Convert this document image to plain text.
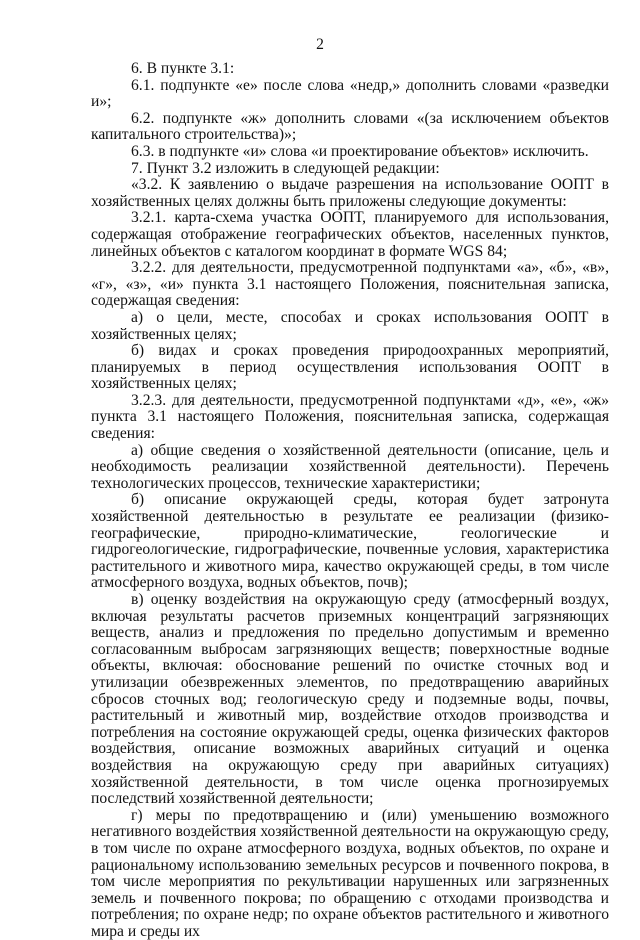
2

6. В пункте 3.1:

6.1. подпункте «е» после слова «недр,» дополнить словами «разведки и»;

6.2. подпункте «ж» дополнить словами «(за исключением объектов капитального строительства)»;

6.3. в подпункте «и» слова «и проектирование объектов» исключить.

7. Пункт 3.2 изложить в следующей редакции:

«3.2. К заявлению о выдаче разрешения на использование ООПТ в хозяйственных целях должны быть приложены следующие документы:

3.2.1. карта-схема участка ООПТ, планируемого для использования, содержащая отображение географических объектов, населенных пунктов, линейных объектов с каталогом координат в формате WGS 84;

3.2.2. для деятельности, предусмотренной подпунктами «а», «б», «в», «г», «з», «и» пункта 3.1 настоящего Положения, пояснительная записка, содержащая сведения:

а) о цели, месте, способах и сроках использования ООПТ в хозяйственных целях;

б) видах и сроках проведения природоохранных мероприятий, планируемых в период осуществления использования ООПТ в хозяйственных целях;

3.2.3. для деятельности, предусмотренной подпунктами «д», «е», «ж» пункта 3.1 настоящего Положения, пояснительная записка, содержащая сведения:

а) общие сведения о хозяйственной деятельности (описание, цель и необходимость реализации хозяйственной деятельности). Перечень технологических процессов, технические характеристики;

б) описание окружающей среды, которая будет затронута хозяйственной деятельностью в результате ее реализации (физико-географические, природно-климатические, геологические и гидрогеологические, гидрографические, почвенные условия, характеристика растительного и животного мира, качество окружающей среды, в том числе атмосферного воздуха, водных объектов, почв);

в) оценку воздействия на окружающую среду (атмосферный воздух, включая результаты расчетов приземных концентраций загрязняющих веществ, анализ и предложения по предельно допустимым и временно согласованным выбросам загрязняющих веществ; поверхностные водные объекты, включая: обоснование решений по очистке сточных вод и утилизации обезвреженных элементов, по предотвращению аварийных сбросов сточных вод; геологическую среду и подземные воды, почвы, растительный и животный мир, воздействие отходов производства и потребления на состояние окружающей среды, оценка физических факторов воздействия, описание возможных аварийных ситуаций и оценка воздействия на окружающую среду при аварийных ситуациях) хозяйственной деятельности, в том числе оценка прогнозируемых последствий хозяйственной деятельности;

г) меры по предотвращению и (или) уменьшению возможного негативного воздействия хозяйственной деятельности на окружающую среду, в том числе по охране атмосферного воздуха, водных объектов, по охране и рациональному использованию земельных ресурсов и почвенного покрова, в том числе мероприятия по рекультивации нарушенных или загрязненных земель и почвенного покрова; по обращению с отходами производства и потребления; по охране недр; по охране объектов растительного и животного мира и среды их
